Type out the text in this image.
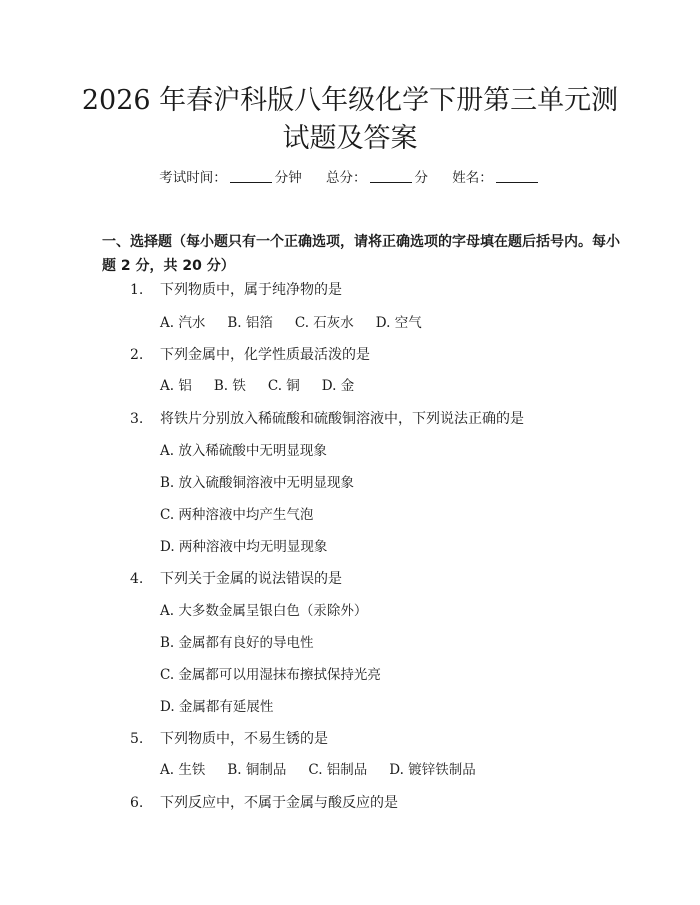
2026 年春沪科版八年级化学下册第三单元测
试题及答案
考试时间：	分钟 总分：	分 姓名：
一、选择题（每小题只有一个正确选项，请将正确选项的字母填在题后括号内。每小题 2 分，共 20 分）
1. 下列物质中，属于纯净物的是
A. 汽水 B. 铝箔 C. 石灰水 D. 空气
2. 下列金属中，化学性质最活泼的是
A. 铝 B. 铁 C. 铜 D. 金
3. 将铁片分别放入稀硫酸和硫酸铜溶液中，下列说法正确的是
A. 放入稀硫酸中无明显现象
B. 放入硫酸铜溶液中无明显现象
C. 两种溶液中均产生气泡
D. 两种溶液中均无明显现象
4. 下列关于金属的说法错误的是
A. 大多数金属呈银白色（汞除外）
B. 金属都有良好的导电性
C. 金属都可以用湿抹布擦拭保持光亮
D. 金属都有延展性
5. 下列物质中，不易生锈的是
A. 生铁 B. 铜制品 C. 铝制品 D. 镀锌铁制品
6. 下列反应中，不属于金属与酸反应的是
